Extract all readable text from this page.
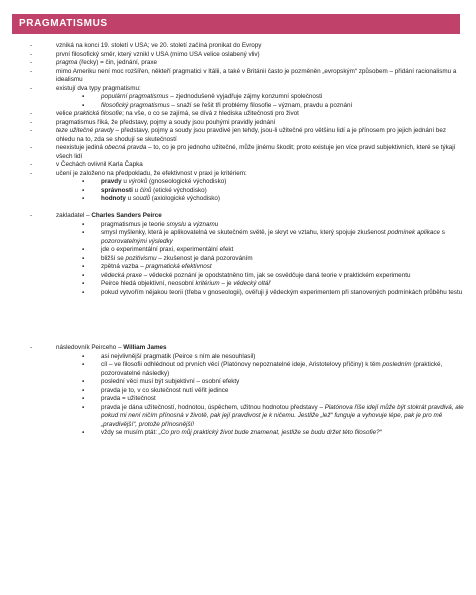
PRAGMATISMUS
-	vzniká na konci 19. století v USA; ve 20. století začíná pronikat do Evropy
-	první filosofický směr, který vznikl v USA (mimo USA velice oslabený vliv)
-	pragma (řecky) = čin, jednání, praxe
-	mimo Ameriku není moc rozšířen, někteří pragmatici v Itálii, a také v Británii často je pozměněn „evropským“ způsobem – přidání racionalismu a idealismu
-	existují dva typy pragmatismu:
▪	populární pragmatismus – zjednodušeně vyjadřuje zájmy konzumní společnosti
▪	filosofický pragmatismus – snaží se řešit tři problémy filosofie – význam, pravdu a poznání
-	velice praktická filosofie; na vše, o co se zajímá, se dívá z hlediska užitečnosti pro život
-	pragmatismus říká, že představy, pojmy a soudy jsou pouhými pravidly jednání
-	teze užitečné pravdy – představy, pojmy a soudy jsou pravdivé jen tehdy, jsou-li užitečné pro většinu lidí a je přínosem pro jejich jednání bez ohledu na to, zda se shodují se skutečností
-	neexistuje jediná obecná pravda – to, co je pro jednoho užitečné, může jinému škodit; proto existuje jen více pravd subjektivních, které se týkají všech lidí
-	v Čechách ovlivnil Karla Čapka
-	učení je založeno na předpokladu, že efektivnost v praxi je kritériem:
▪	pravdy u výroků (gnoseologické východisko)
▪	správnosti u činů (etické východisko)
▪	hodnoty u soudů (axiologické východisko)
-	zakladatel – Charles Sanders Peirce
▪	pragmatismus je teorie smyslu a významu
▪	smysl myšlenky, která je aplikovatelná ve skutečném světě, je skryt ve vztahu, který spojuje zkušenost podmínek aplikace s pozorovatelnými výsledky
▪	jde o experimentální praxi, experimentální efekt
▪	bližší se pozitivismu – zkušenost je daná pozorováním
▪	zpětná vazba – pragmatická efektivnost
▪	vědecká praxe – vědecké poznání je opodstatněno tím, jak se osvědčuje daná teorie v praktickém experimentu
▪	Peirce hledá objektivní, neosobní kritérium – je vědecký oltář
▪	pokud vytvořím nějakou teorii (třeba v gnoseologii), ověřuji ji vědeckým experimentem při stanovených podmínkách průběhu testu
-	následovník Peirceho – William James
▪	asi nejvlivnější pragmatik (Peirce s ním ale nesouhlasil)
▪	cíl – ve filosofii odhlédnout od prvních věcí (Platónovy nepoznatelné ideje, Aristotelovy příčiny) k těm posledním (praktické, pozorovatelné následky)
▪	poslední věci musí být subjektivní – osobní efekty
▪	pravda je to, v co skutečnost nutí věřit jedince
▪	pravda = užitečnost
▪	pravda je dána užitečností, hodnotou, úspěchem, užitnou hodnotou představy – Platónova říše idejí může být stokrát pravdivá, ale pokud mi není ničím přínosná v životě, pak její pravdivost je k ničemu. Jestliže „lež“ funguje a vyhovuje lépe, pak je pro mě „pravdivější“, protože přínosnější!
▪	vždy se musím ptát: „Co pro můj praktický život bude znamenat, jestliže se budu držet této filosofie?“
